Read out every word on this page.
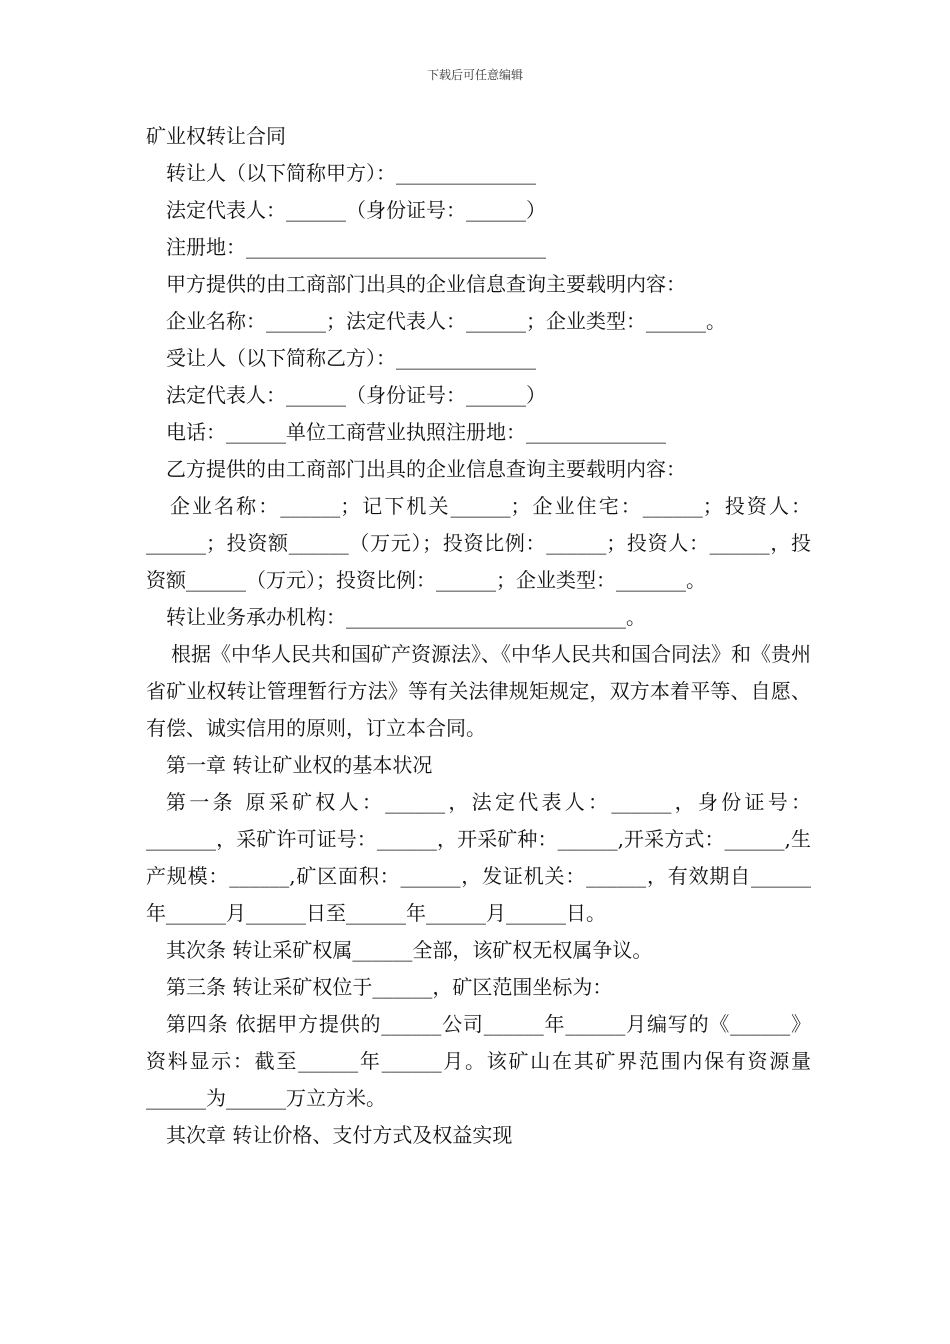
下载后可任意编辑

矿业权转让合同

转让人（以下简称甲方）：______________

法定代表人：______（身份证号：______）

注册地：______________________________

甲方提供的由工商部门出具的企业信息查询主要载明内容：

企业名称：______；法定代表人：______；企业类型：______。

受让人（以下简称乙方）：______________

法定代表人：______（身份证号：______）

电话：______单位工商营业执照注册地：______________

乙方提供的由工商部门出具的企业信息查询主要载明内容：

企业名称：______；记下机关______；企业住宅：______；投资人：______；投资额______（万元）；投资比例：______；投资人：______，投资额______（万元）；投资比例：______；企业类型：_______。

转让业务承办机构：____________________________。

根据《中华人民共和国矿产资源法》、《中华人民共和国合同法》和《贵州省矿业权转让管理暂行方法》等有关法律规矩规定，双方本着平等、自愿、有偿、诚实信用的原则，订立本合同。

第一章 转让矿业权的基本状况

第一条 原采矿权人：______，法定代表人：______，身份证号：_______，采矿许可证号：______，开采矿种：______,开采方式：______,生产规模：______,矿区面积：______，发证机关：______，有效期自______年______月______日至______年______月______日。

其次条 转让采矿权属______全部，该矿权无权属争议。

第三条 转让采矿权位于______，矿区范围坐标为：

第四条 依据甲方提供的______公司______年______月编写的《______》资料显示：截至______年______月。该矿山在其矿界范围内保有资源量______为______万立方米。

其次章 转让价格、支付方式及权益实现
